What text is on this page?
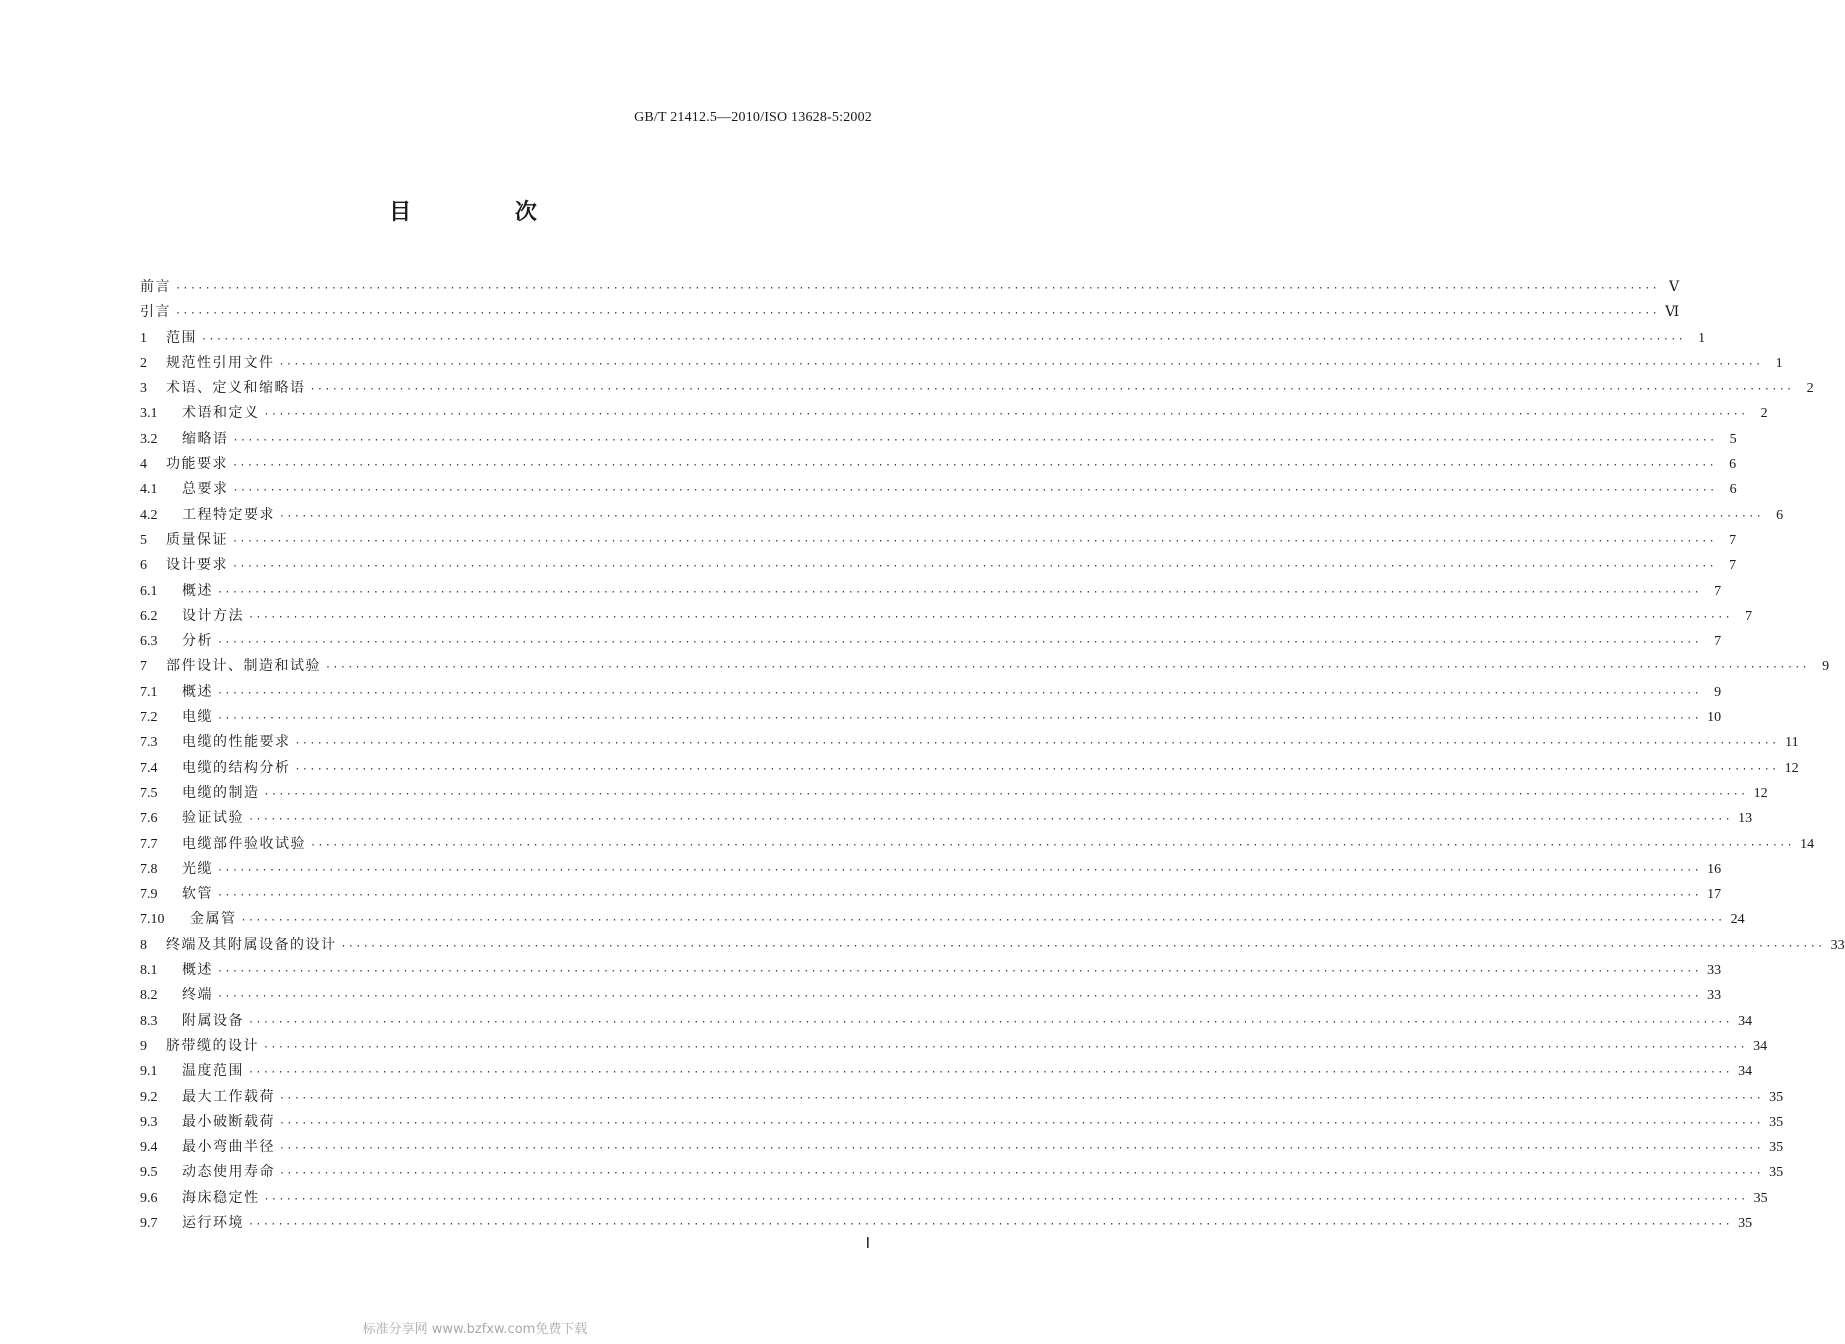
GB/T 21412.5—2010/ISO 13628-5:2002
目 次
前言 ········································································································································································································ Ⅴ
引言 ········································································································································································································ Ⅵ
1	范围 ········································································································································································································ 1
2	规范性引用文件 ········································································································································································································ 1
3	术语、定义和缩略语 ········································································································································································································ 2
3.1	术语和定义 ········································································································································································································ 2
3.2	缩略语 ········································································································································································································ 5
4	功能要求 ········································································································································································································ 6
4.1	总要求 ········································································································································································································ 6
4.2	工程特定要求 ········································································································································································································ 6
5	质量保证 ········································································································································································································ 7
6	设计要求 ········································································································································································································ 7
6.1	概述 ········································································································································································································ 7
6.2	设计方法 ········································································································································································································ 7
6.3	分析 ········································································································································································································ 7
7	部件设计、制造和试验 ········································································································································································································ 9
7.1	概述 ········································································································································································································ 9
7.2	电缆 ········································································································································································································ 10
7.3	电缆的性能要求 ········································································································································································································ 11
7.4	电缆的结构分析 ········································································································································································································ 12
7.5	电缆的制造 ········································································································································································································ 12
7.6	验证试验 ········································································································································································································ 13
7.7	电缆部件验收试验 ········································································································································································································ 14
7.8	光缆 ········································································································································································································ 16
7.9	软管 ········································································································································································································ 17
7.10	金属管 ········································································································································································································ 24
8	终端及其附属设备的设计 ········································································································································································································ 33
8.1	概述 ········································································································································································································ 33
8.2	终端 ········································································································································································································ 33
8.3	附属设备 ········································································································································································································ 34
9	脐带缆的设计 ········································································································································································································ 34
9.1	温度范围 ········································································································································································································ 34
9.2	最大工作载荷 ········································································································································································································ 35
9.3	最小破断载荷 ········································································································································································································ 35
9.4	最小弯曲半径 ········································································································································································································ 35
9.5	动态使用寿命 ········································································································································································································ 35
9.6	海床稳定性 ········································································································································································································ 35
9.7	运行环境 ········································································································································································································ 35
Ⅰ
标准分享网 www.bzfxw.com免费下载
